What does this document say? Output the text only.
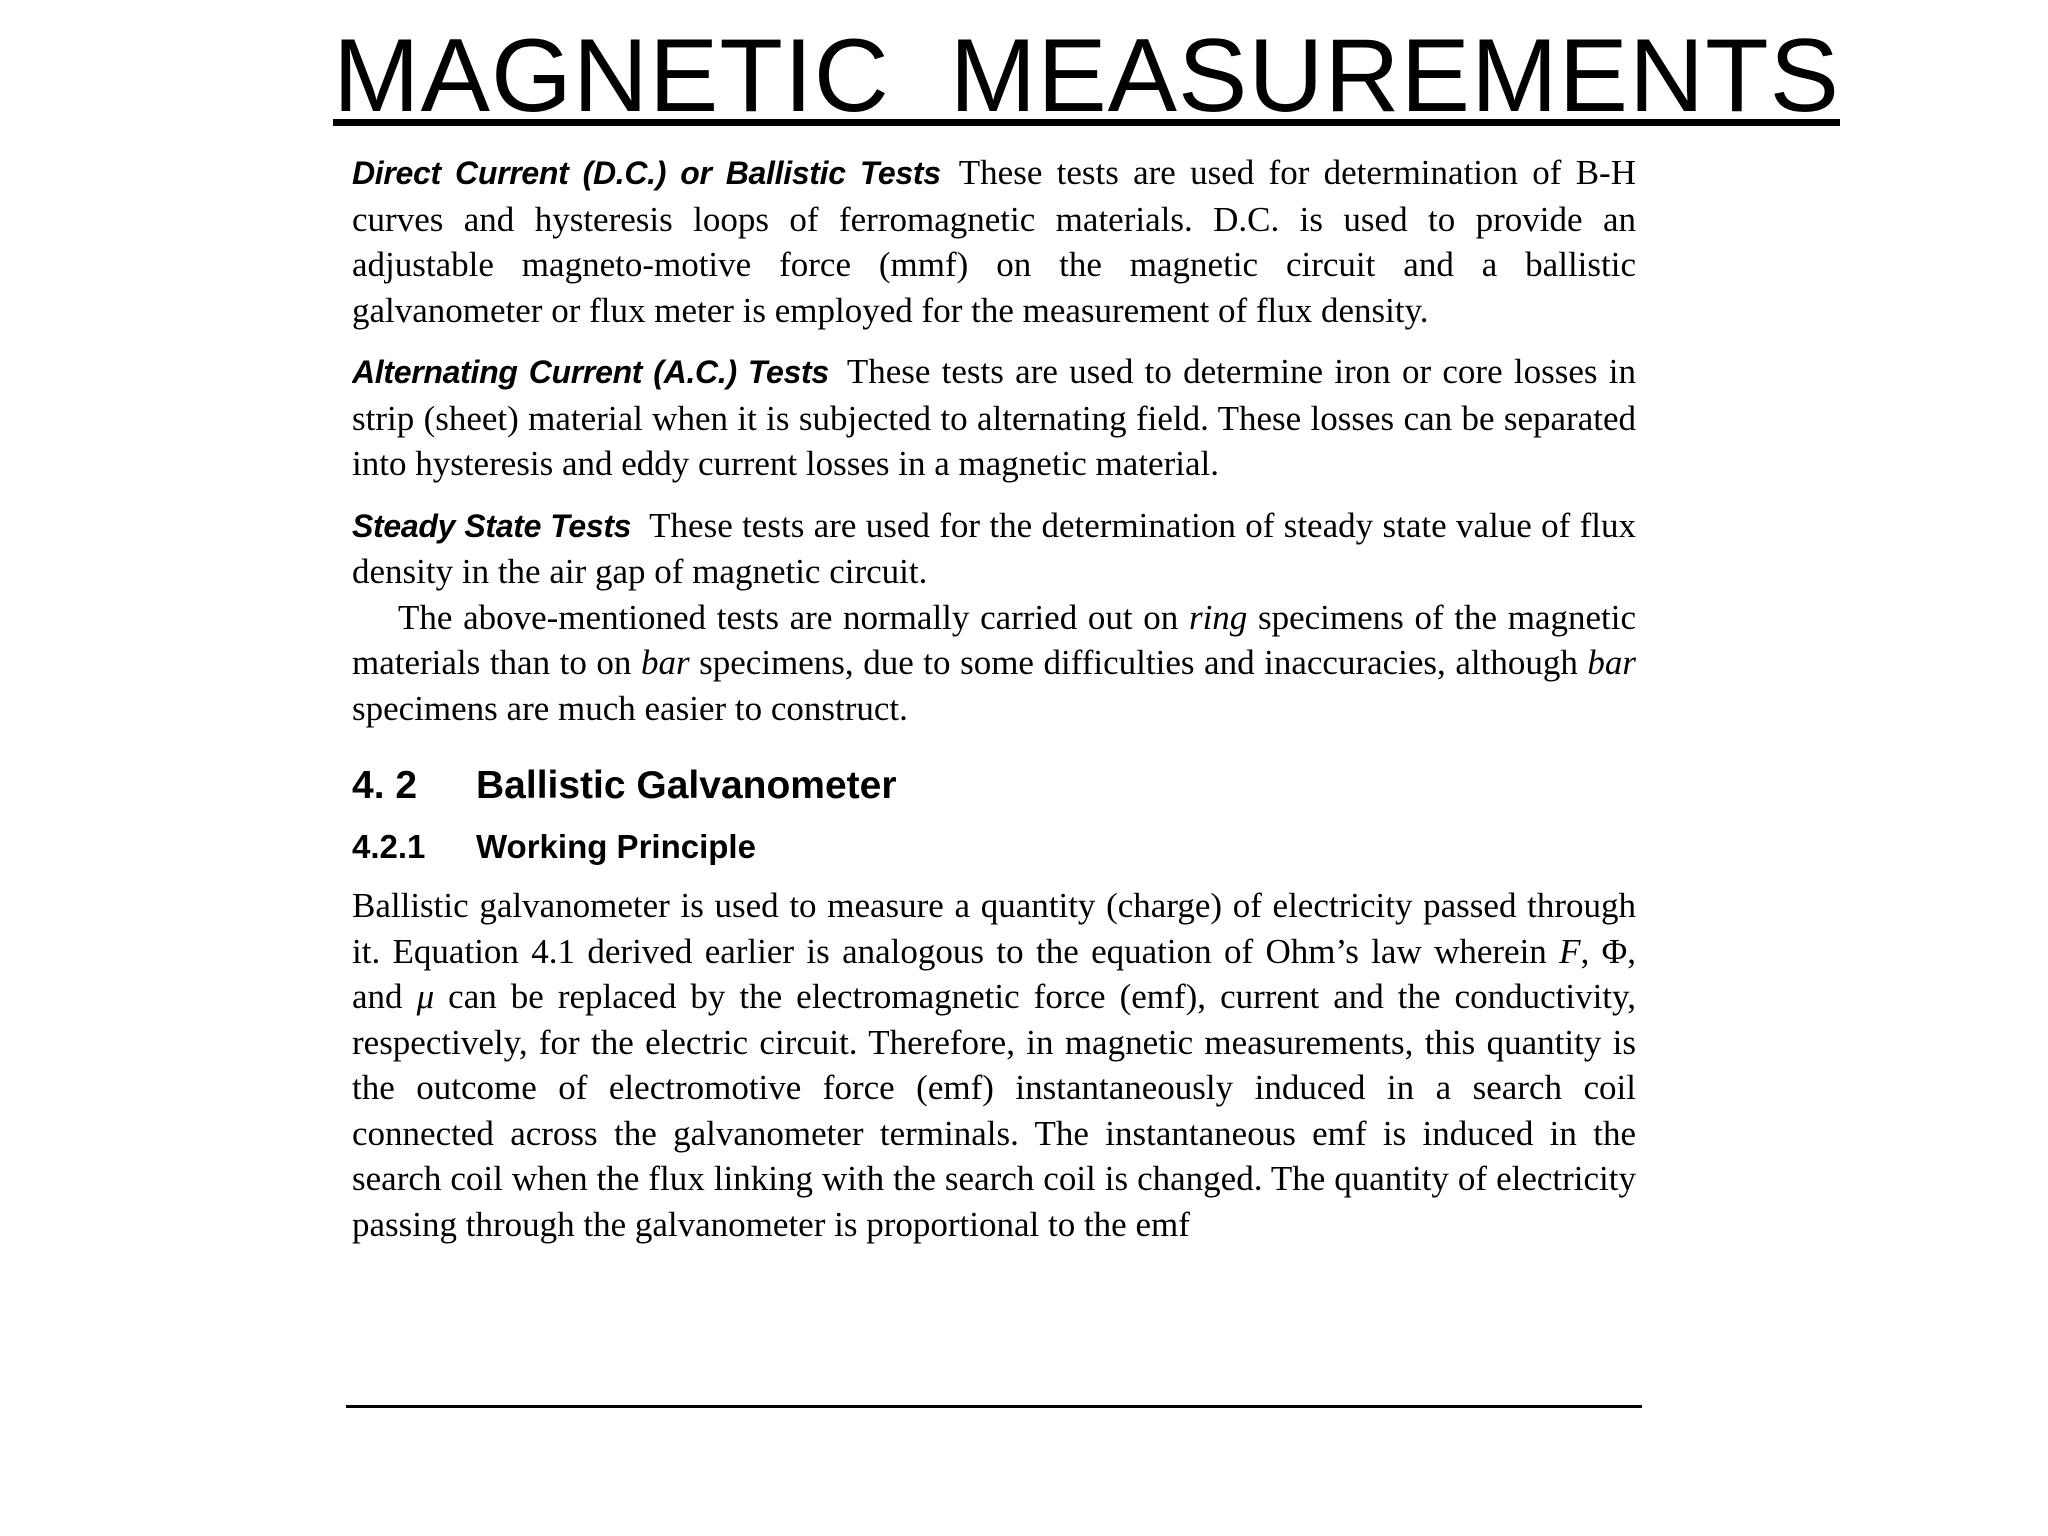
MAGNETIC  MEASUREMENTS

Direct Current (D.C.) or Ballistic Tests These tests are used for determination of B-H curves and hysteresis loops of ferromagnetic materials. D.C. is used to provide an adjustable magneto-motive force (mmf) on the magnetic circuit and a ballistic galvanometer or flux meter is employed for the measurement of flux density.

Alternating Current (A.C.) Tests These tests are used to determine iron or core losses in strip (sheet) material when it is subjected to alternating field. These losses can be separated into hysteresis and eddy current losses in a magnetic material.

Steady State Tests These tests are used for the determination of steady state value of flux density in the air gap of magnetic circuit.

The above-mentioned tests are normally carried out on ring specimens of the magnetic materials than to on bar specimens, due to some difficulties and inaccuracies, although bar specimens are much easier to construct.

4. 2 Ballistic Galvanometer
4.2.1 Working Principle

Ballistic galvanometer is used to measure a quantity (charge) of electricity passed through it. Equation 4.1 derived earlier is analogous to the equation of Ohm’s law wherein F, Φ, and μ can be replaced by the electromagnetic force (emf), current and the conductivity, respectively, for the electric circuit. Therefore, in magnetic measurements, this quantity is the outcome of electromotive force (emf) instantaneously induced in a search coil connected across the galvanometer terminals. The instantaneous emf is induced in the search coil when the flux linking with the search coil is changed. The quantity of electricity passing through the galvanometer is proportional to the emf
